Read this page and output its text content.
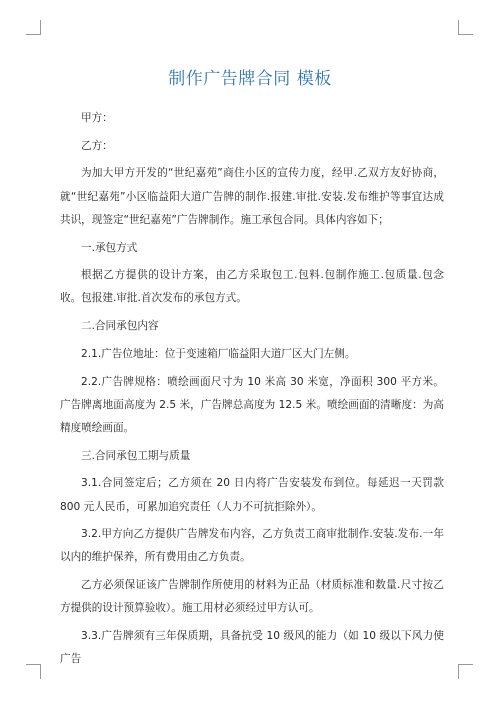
制作广告牌合同 模板

甲方：

乙方：

为加大甲方开发的“世纪嘉苑”商住小区的宣传力度，经甲.乙双方友好协商，就“世纪嘉苑”小区临益阳大道广告牌的制作.报建.审批.安装.发布维护等事宜达成共识，现签定“世纪嘉苑”广告牌制作。施工承包合同。具体内容如下；

一.承包方式

根据乙方提供的设计方案，由乙方采取包工.包料.包制作施工.包质量.包念收。包报建.审批.首次发布的承包方式。

二.合同承包内容

2.1.广告位地址：位于变速箱厂临益阳大道厂区大门左侧。

2.2.广告牌规格：喷绘画面尺寸为 10 米高 30 米宽，净面积 300 平方米。广告牌离地面高度为 2.5 米，广告牌总高度为 12.5 米。喷绘画面的清晰度：为高精度喷绘画面。

三.合同承包工期与质量

3.1.合同签定后；乙方须在 20 日内将广告安装发布到位。每延迟一天罚款 800 元人民币，可累加追究责任（人力不可抗拒除外）。

3.2.甲方向乙方提供广告牌发布内容，乙方负责工商审批制作.安装.发布.一年以内的维护保养，所有费用由乙方负责。

乙方必须保证该广告牌制作所使用的材料为正品（材质标准和数量.尺寸按乙方提供的设计预算验收）。施工用材必须经过甲方认可。

3.3.广告牌须有三年保质期，具备抗受 10 级风的能力（如 10 级以下风力使广告
